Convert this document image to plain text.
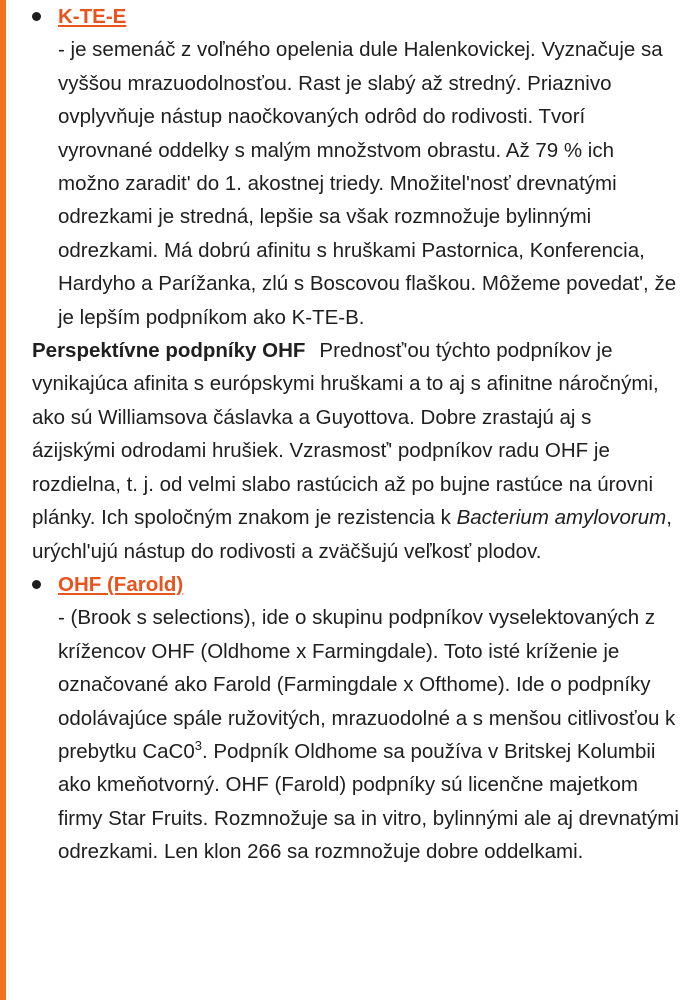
K-TE-E
- je semenáč z voľného opelenia dule Halenkovickej. Vyznačuje sa vyššou mrazuodolnosťou. Rast je slabý až stredný. Priaznivo ovplyvňuje nástup naočkovaných odrôd do rodivosti. Tvorí vyrovnané oddelky s malým množstvom obrastu. Až 79 % ich možno zaradit' do 1. akostnej triedy. Množitel'nosť drevnatými odrezkami je stredná, lepšie sa však rozmnožuje bylinnými odrezkami. Má dobrú afinitu s hruškami Pastornica, Konferencia, Hardyho a Parížanka, zlú s Boscovou flaškou. Môžeme povedat', že je lepším podpníkom ako K-TE-B.

Perspektívne podpníky OHF Prednosť'ou týchto podpníkov je vynikajúca afinita s európskymi hruškami a to aj s afinitne náročnými, ako sú Williamsova čáslavka a Guyottova. Dobre zrastajú aj s ázijskými odrodami hrušiek. Vzrasmosť' podpníkov radu OHF je rozdielna, t. j. od velmi slabo rastúcich až po bujne rastúce na úrovni plánky. Ich spoločným znakom je rezistencia k Bacterium amylovorum, urýchl'ujú nástup do rodivosti a zväčšujú veľkosť plodov.

OHF (Farold)
- (Brook s selections), ide o skupinu podpníkov vyselektovaných z krížencov OHF (Oldhome x Farmingdale). Toto isté kríženie je označované ako Farold (Farmingdale x Ofthome). Ide o podpníky odolávajúce spále ružovitých, mrazuodolné a s menšou citlivosťou k prebytku $CaC0^3$. Podpník Oldhome sa používa v Britskej Kolumbii ako kmeňotvorný. OHF (Farold) podpníky sú licenčne majetkom firmy Star Fruits. Rozmnožuje sa in vitro, bylinnými ale aj drevnatými odrezkami. Len klon 266 sa rozmnožuje dobre oddelkami.
